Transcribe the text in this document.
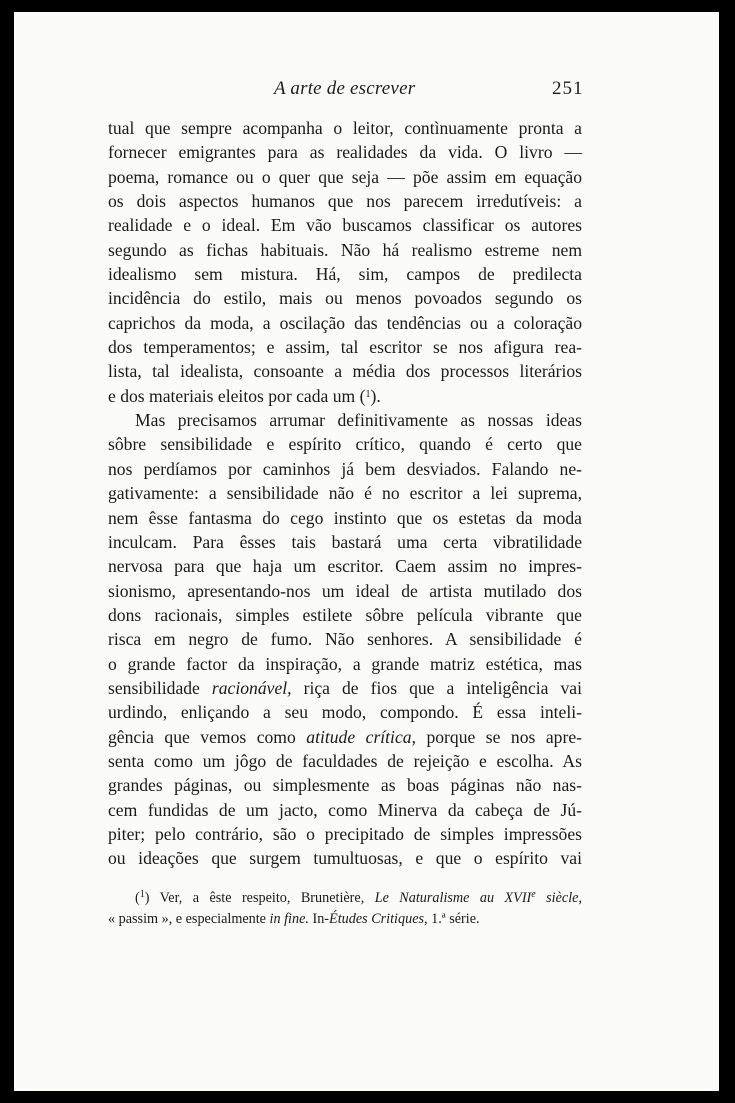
A arte de escrever	251
tual que sempre acompanha o leitor, contìnuamente pronta a
fornecer emigrantes para as realidades da vida. O livro —
poema, romance ou o quer que seja — põe assim em equação
os dois aspectos humanos que nos parecem irredutíveis: a
realidade e o ideal. Em vão buscamos classificar os autores
segundo as fichas habituais. Não há realismo estreme nem
idealismo sem mistura. Há, sim, campos de predilecta
incidência do estilo, mais ou menos povoados segundo os
caprichos da moda, a oscilação das tendências ou a coloração
dos temperamentos; e assim, tal escritor se nos afigura rea-
lista, tal idealista, consoante a média dos processos literários
e dos materiais eleitos por cada um ($^1$).
Mas precisamos arrumar definitivamente as nossas ideas
sôbre sensibilidade e espírito crítico, quando é certo que
nos perdíamos por caminhos já bem desviados. Falando ne-
gativamente: a sensibilidade não é no escritor a lei suprema,
nem êsse fantasma do cego instinto que os estetas da moda
inculcam. Para êsses tais bastará uma certa vibratilidade
nervosa para que haja um escritor. Caem assim no impres-
sionismo, apresentando-nos um ideal de artista mutilado dos
dons racionais, simples estilete sôbre película vibrante que
risca em negro de fumo. Não senhores. A sensibilidade é
o grande factor da inspiração, a grande matriz estética, mas
sensibilidade racionável, riça de fios que a inteligência vai
urdindo, enliçando a seu modo, compondo. É essa inteli-
gência que vemos como atitude crítica, porque se nos apre-
senta como um jôgo de faculdades de rejeição e escolha. As
grandes páginas, ou simplesmente as boas páginas não nas-
cem fundidas de um jacto, como Minerva da cabeça de Jú-
piter; pelo contrário, são o precipitado de simples impressões
ou ideações que surgem tumultuosas, e que o espírito vai
($^1$) Ver, a êste respeito, Brunetière, Le Naturalisme au XVIIe siècle,
« passim », e especialmente in fine. In-Études Critiques, 1.ª série.
